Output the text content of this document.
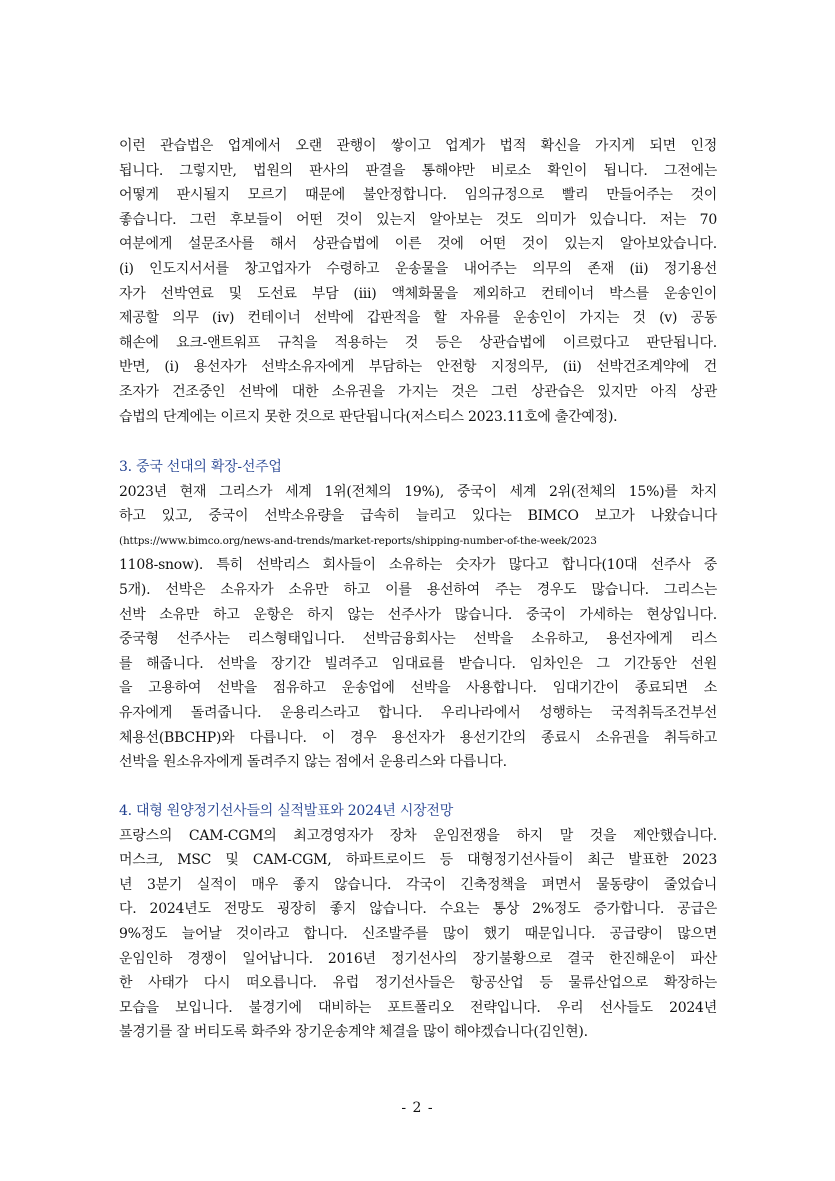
이런 관습법은 업계에서 오랜 관행이 쌓이고 업계가 법적 확신을 가지게 되면 인정
됩니다. 그렇지만, 법원의 판사의 판결을 통해야만 비로소 확인이 됩니다. 그전에는
어떻게 판시될지 모르기 때문에 불안정합니다. 임의규정으로 빨리 만들어주는 것이
좋습니다. 그런 후보들이 어떤 것이 있는지 알아보는 것도 의미가 있습니다. 저는 70
여분에게 설문조사를 해서 상관습법에 이른 것에 어떤 것이 있는지 알아보았습니다.
(i) 인도지서서를 창고업자가 수령하고 운송물을 내어주는 의무의 존재 (ii) 정기용선
자가 선박연료 및 도선료 부담 (iii) 액체화물을 제외하고 컨테이너 박스를 운송인이
제공할 의무 (iv) 컨테이너 선박에 갑판적을 할 자유를 운송인이 가지는 것 (v) 공동
해손에 요크-앤트워프 규칙을 적용하는 것 등은 상관습법에 이르렀다고 판단됩니다.
반면, (i) 용선자가 선박소유자에게 부담하는 안전항 지정의무, (ii) 선박건조계약에 건
조자가 건조중인 선박에 대한 소유권을 가지는 것은 그런 상관습은 있지만 아직 상관
습법의 단계에는 이르지 못한 것으로 판단됩니다(저스티스 2023.11호에 출간예정).
3. 중국 선대의 확장-선주업
2023년 현재 그리스가 세계 1위(전체의 19%), 중국이 세계 2위(전체의 15%)를 차지
하고 있고, 중국이 선박소유량을 급속히 늘리고 있다는 BIMCO 보고가 나왔습니다
(https://www.bimco.org/news-and-trends/market-reports/shipping-number-of-the-week/2023
1108-snow). 특히 선박리스 회사들이 소유하는 숫자가 많다고 합니다(10대 선주사 중
5개). 선박은 소유자가 소유만 하고 이를 용선하여 주는 경우도 많습니다. 그리스는
선박 소유만 하고 운항은 하지 않는 선주사가 많습니다. 중국이 가세하는 현상입니다.
중국형 선주사는 리스형태입니다. 선박금융회사는 선박을 소유하고, 용선자에게 리스
를 해줍니다. 선박을 장기간 빌려주고 임대료를 받습니다. 임차인은 그 기간동안 선원
을 고용하여 선박을 점유하고 운송업에 선박을 사용합니다. 임대기간이 종료되면 소
유자에게 돌려줍니다. 운용리스라고 합니다. 우리나라에서 성행하는 국적취득조건부선
체용선(BBCHP)와 다릅니다. 이 경우 용선자가 용선기간의 종료시 소유권을 취득하고
선박을 원소유자에게 돌려주지 않는 점에서 운용리스와 다릅니다.
4. 대형 원양정기선사들의 실적발표와 2024년 시장전망
프랑스의 CAM-CGM의 최고경영자가 장차 운임전쟁을 하지 말 것을 제안했습니다.
머스크, MSC 및 CAM-CGM, 하파트로이드 등 대형정기선사들이 최근 발표한 2023
년 3분기 실적이 매우 좋지 않습니다. 각국이 긴축정책을 펴면서 물동량이 줄었습니
다. 2024년도 전망도 굉장히 좋지 않습니다. 수요는 통상 2%정도 증가합니다. 공급은
9%정도 늘어날 것이라고 합니다. 신조발주를 많이 했기 때문입니다. 공급량이 많으면
운임인하 경쟁이 일어납니다. 2016년 정기선사의 장기불황으로 결국 한진해운이 파산
한 사태가 다시 떠오릅니다. 유럽 정기선사들은 항공산업 등 물류산업으로 확장하는
모습을 보입니다. 불경기에 대비하는 포트폴리오 전략입니다. 우리 선사들도 2024년
불경기를 잘 버티도록 화주와 장기운송계약 체결을 많이 해야겠습니다(김인현).
- 2 -
